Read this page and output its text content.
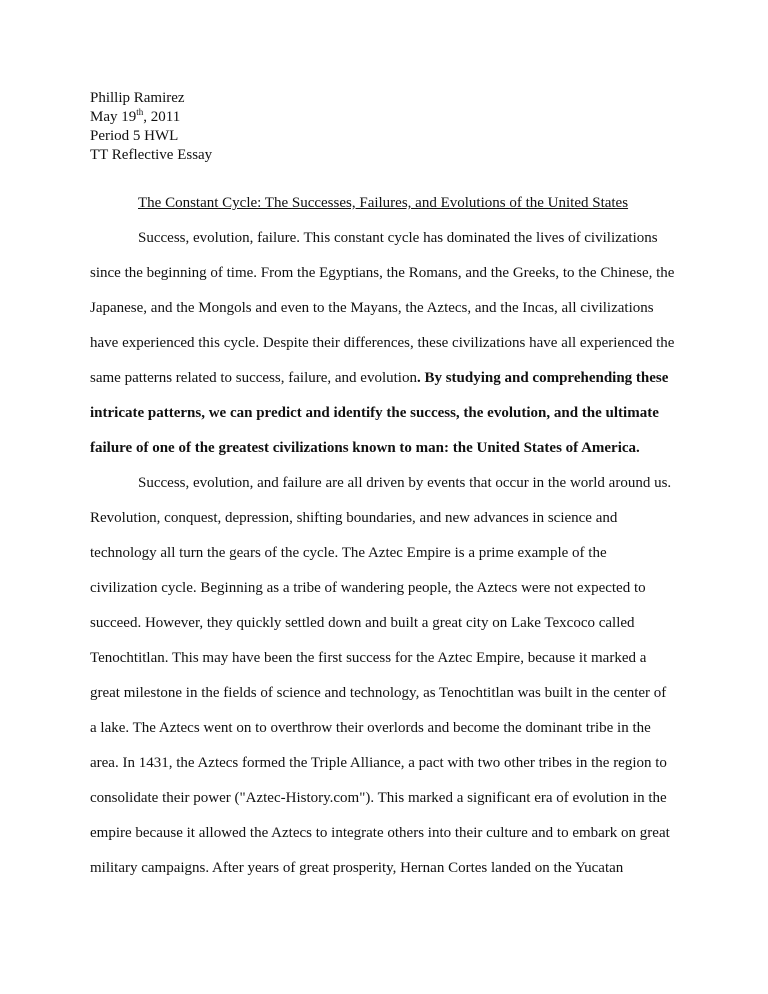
Phillip Ramirez
May 19th, 2011
Period 5 HWL
TT Reflective Essay
The Constant Cycle: The Successes, Failures, and Evolutions of the United States
Success, evolution, failure. This constant cycle has dominated the lives of civilizations
since the beginning of time. From the Egyptians, the Romans, and the Greeks, to the Chinese, the
Japanese, and the Mongols and even to the Mayans, the Aztecs, and the Incas, all civilizations
have experienced this cycle. Despite their differences, these civilizations have all experienced the
same patterns related to success, failure, and evolution. By studying and comprehending these
intricate patterns, we can predict and identify the success, the evolution, and the ultimate
failure of one of the greatest civilizations known to man: the United States of America.
Success, evolution, and failure are all driven by events that occur in the world around us.
Revolution, conquest, depression, shifting boundaries, and new advances in science and
technology all turn the gears of the cycle. The Aztec Empire is a prime example of the
civilization cycle. Beginning as a tribe of wandering people, the Aztecs were not expected to
succeed. However, they quickly settled down and built a great city on Lake Texcoco called
Tenochtitlan. This may have been the first success for the Aztec Empire, because it marked a
great milestone in the fields of science and technology, as Tenochtitlan was built in the center of
a lake. The Aztecs went on to overthrow their overlords and become the dominant tribe in the
area. In 1431, the Aztecs formed the Triple Alliance, a pact with two other tribes in the region to
consolidate their power ("Aztec-History.com"). This marked a significant era of evolution in the
empire because it allowed the Aztecs to integrate others into their culture and to embark on great
military campaigns. After years of great prosperity, Hernan Cortes landed on the Yucatan
